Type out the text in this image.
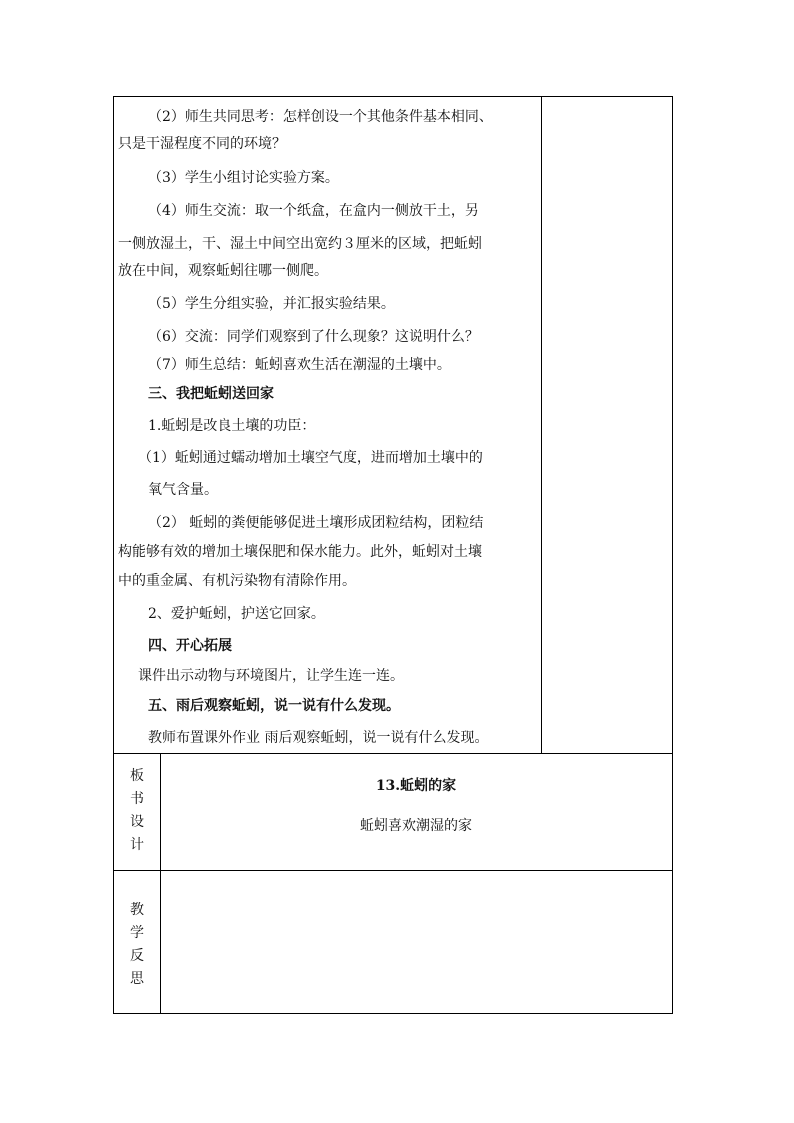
（2）师生共同思考：怎样创设一个其他条件基本相同、
只是干湿程度不同的环境？
（3）学生小组讨论实验方案。
（4）师生交流：取一个纸盒，在盒内一侧放干土，另
一侧放湿土，干、湿土中间空出宽约３厘米的区域，把蚯蚓
放在中间，观察蚯蚓往哪一侧爬。
（5）学生分组实验，并汇报实验结果。
（6）交流：同学们观察到了什么现象？这说明什么？
（7）师生总结：蚯蚓喜欢生活在潮湿的土壤中。
三、我把蚯蚓送回家
1.蚯蚓是改良土壤的功臣：
（1）蚯蚓通过蠕动增加土壤空气度，进而增加土壤中的
氧气含量。
（2） 蚯蚓的粪便能够促进土壤形成团粒结构，团粒结
构能够有效的增加土壤保肥和保水能力。此外，蚯蚓对土壤
中的重金属、有机污染物有清除作用。
2、爱护蚯蚓，护送它回家。
四、开心拓展
课件出示动物与环境图片，让学生连一连。
五、雨后观察蚯蚓，说一说有什么发现。
教师布置课外作业 雨后观察蚯蚓，说一说有什么发现。
板
书
设
计
13.蚯蚓的家
蚯蚓喜欢潮湿的家
教
学
反
思
